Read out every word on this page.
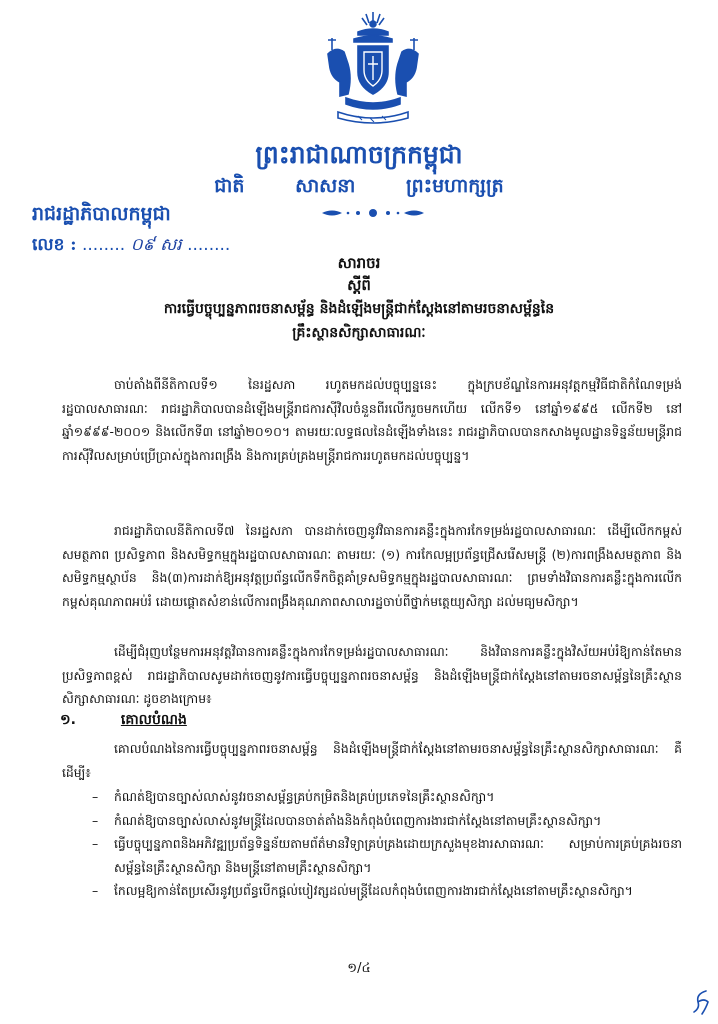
ព្រះរាជាណាចក្រកម្ពុជា
ជាតិ	សាសនា	ព្រះមហាក្សត្រ
រាជរដ្ឋាភិបាលកម្ពុជា
លេខ : ........ ០៩ សរ ........
សារាចរ
ស្ដីពី
ការធ្វើបច្ចុប្បន្នភាពរចនាសម្ព័ន្ធ និងដំឡើងមន្ត្រីជាក់ស្ដែងនៅតាមរចនាសម្ព័ន្ធនៃ
គ្រឹះស្ថានសិក្សាសាធារណៈ

ចាប់តាំងពីនីតិកាលទី១ នៃរដ្ឋសភា រហូតមកដល់បច្ចុប្បន្ននេះ ក្នុងក្របខ័ណ្ឌនៃការអនុវត្តកម្មវិធីជាតិកំណែទម្រង់រដ្ឋបាលសាធារណៈ រាជរដ្ឋាភិបាលបានដំឡើងមន្ត្រីរាជការស៊ីវិលចំនួនពីរលើករួចមកហើយ លើកទី១ នៅឆ្នាំ១៩៩៥ លើកទី២ នៅឆ្នាំ១៩៩៩-២០០១ និងលើកទី៣ នៅឆ្នាំ២០១០។ តាមរយៈលទ្ធផលនៃដំឡើងទាំងនេះ រាជរដ្ឋាភិបាលបានកសាងមូលដ្ឋានទិន្នន័យមន្ត្រីរាជការស៊ីវិលសម្រាប់ប្រើប្រាស់ក្នុងការពង្រឹង និងការគ្រប់គ្រងមន្ត្រីរាជការរហូតមកដល់បច្ចុប្បន្ន។

រាជរដ្ឋាភិបាលនីតិកាលទី៧ នៃរដ្ឋសភា បានដាក់ចេញនូវវិធានការគន្លឹះក្នុងការកែទម្រង់រដ្ឋបាលសាធារណៈ ដើម្បីលើកកម្ពស់សមត្ថភាព ប្រសិទ្ធភាព និងសមិទ្ធកម្មក្នុងរដ្ឋបាលសាធារណៈ តាមរយៈ (១) ការកែលម្អប្រព័ន្ធជ្រើសរើសមន្ត្រី (២)ការពង្រឹងសមត្ថភាព និងសមិទ្ធកម្មស្ថាប័ន និង(៣)ការដាក់ឱ្យអនុវត្តប្រព័ន្ធលើកទឹកចិត្តគាំទ្រសមិទ្ធកម្មក្នុងរដ្ឋបាលសាធារណៈ ព្រមទាំងវិធានការគន្លឹះក្នុងការលើកកម្ពស់គុណភាពអប់រំ ដោយផ្ដោតសំខាន់លើការពង្រឹងគុណភាពសាលារដ្ឋចាប់ពីថ្នាក់មត្តេយ្យសិក្សា ដល់មធ្យមសិក្សា។

ដើម្បីជំរុញបន្ថែមការអនុវត្តវិធានការគន្លឹះក្នុងការកែទម្រង់រដ្ឋបាលសាធារណៈ និងវិធានការគន្លឹះក្នុងវិស័យអប់រំឱ្យកាន់តែមានប្រសិទ្ធភាពខ្ពស់ រាជរដ្ឋាភិបាលសូមដាក់ចេញនូវការធ្វើបច្ចុប្បន្នភាពរចនាសម្ព័ន្ធ និងដំឡើងមន្ត្រីជាក់ស្ដែងនៅតាមរចនាសម្ព័ន្ធនៃគ្រឹះស្ថានសិក្សាសាធារណៈ ដូចខាងក្រោម៖

១.	គោលបំណង

គោលបំណងនៃការធ្វើបច្ចុប្បន្នភាពរចនាសម្ព័ន្ធ និងដំឡើងមន្ត្រីជាក់ស្ដែងនៅតាមរចនាសម្ព័ន្ធនៃគ្រឹះស្ថានសិក្សាសាធារណៈ គឺដើម្បី៖

– កំណត់ឱ្យបានច្បាស់លាស់នូវរចនាសម្ព័ន្ធគ្រប់កម្រិតនិងគ្រប់ប្រភេទនៃគ្រឹះស្ថានសិក្សា។
– កំណត់ឱ្យបានច្បាស់លាស់នូវមន្ត្រីដែលបានចាត់តាំងនិងកំពុងបំពេញការងារជាក់ស្ដែងនៅតាមគ្រឹះស្ថានសិក្សា។
– ធ្វើបច្ចុប្បន្នភាពនិងអភិវឌ្ឍប្រព័ន្ធទិន្នន័យតាមព័ត៌មានវិទ្យាគ្រប់គ្រងដោយក្រសួងមុខងារសាធារណៈ សម្រាប់ការគ្រប់គ្រងរចនាសម្ព័ន្ធនៃគ្រឹះស្ថានសិក្សា និងមន្ត្រីនៅតាមគ្រឹះស្ថានសិក្សា។
– កែលម្អឱ្យកាន់តែប្រសើរនូវប្រព័ន្ធបើកផ្ដល់បៀវត្សដល់មន្ត្រីដែលកំពុងបំពេញការងារជាក់ស្ដែងនៅតាមគ្រឹះស្ថានសិក្សា។
១/៤
